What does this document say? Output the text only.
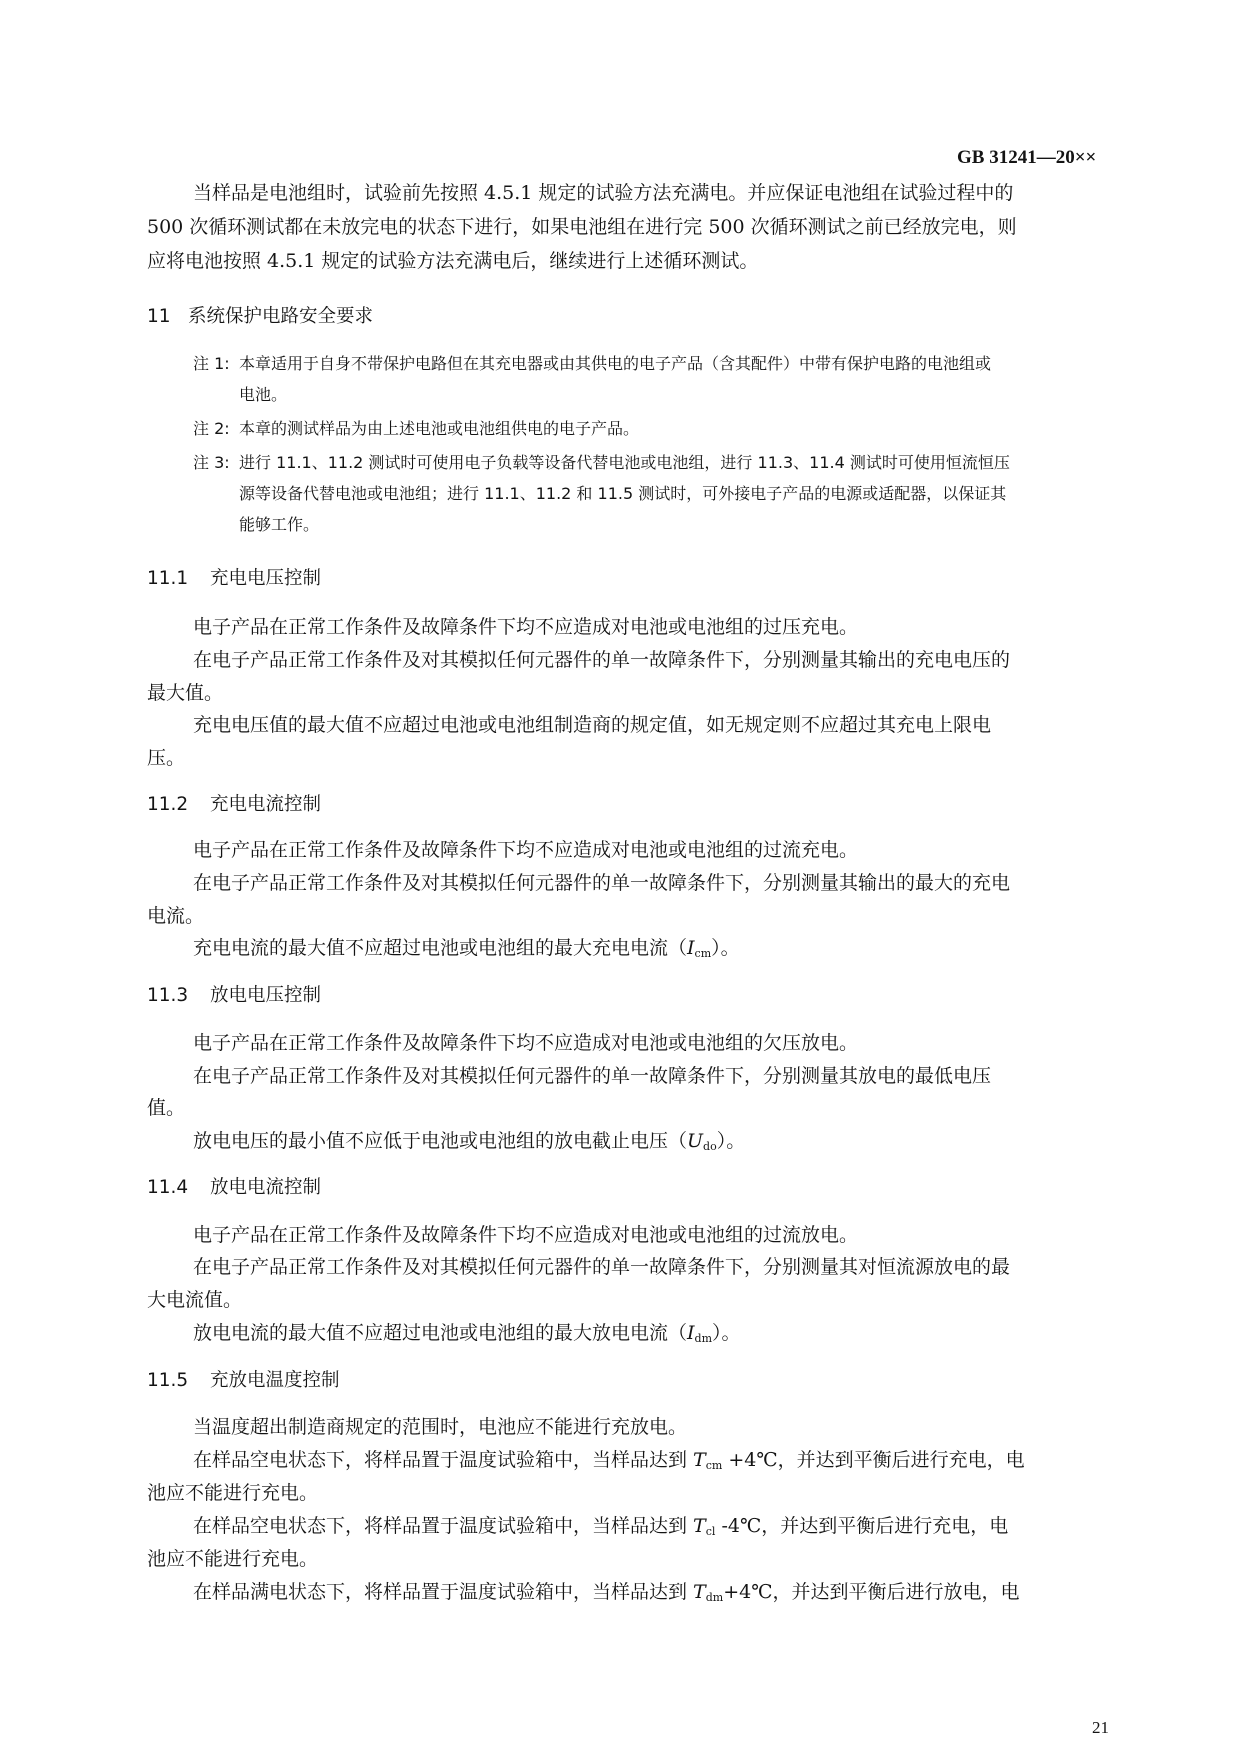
GB 31241—20××
当样品是电池组时，试验前先按照 4.5.1 规定的试验方法充满电。并应保证电池组在试验过程中的
500 次循环测试都在未放完电的状态下进行，如果电池组在进行完 500 次循环测试之前已经放完电，则
应将电池按照 4.5.1 规定的试验方法充满电后，继续进行上述循环测试。
11 系统保护电路安全要求
注 1: 本章适用于自身不带保护电路但在其充电器或由其供电的电子产品（含其配件）中带有保护电路的电池组或
电池。
注 2: 本章的测试样品为由上述电池或电池组供电的电子产品。
注 3: 进行 11.1、11.2 测试时可使用电子负载等设备代替电池或电池组，进行 11.3、11.4 测试时可使用恒流恒压
源等设备代替电池或电池组；进行 11.1、11.2 和 11.5 测试时，可外接电子产品的电源或适配器，以保证其
能够工作。
11.1 充电电压控制
电子产品在正常工作条件及故障条件下均不应造成对电池或电池组的过压充电。
在电子产品正常工作条件及对其模拟任何元器件的单一故障条件下，分别测量其输出的充电电压的
最大值。
充电电压值的最大值不应超过电池或电池组制造商的规定值，如无规定则不应超过其充电上限电
压。
11.2 充电电流控制
电子产品在正常工作条件及故障条件下均不应造成对电池或电池组的过流充电。
在电子产品正常工作条件及对其模拟任何元器件的单一故障条件下，分别测量其输出的最大的充电
电流。
充电电流的最大值不应超过电池或电池组的最大充电电流$(I_{cm})$。
11.3 放电电压控制
电子产品在正常工作条件及故障条件下均不应造成对电池或电池组的欠压放电。
在电子产品正常工作条件及对其模拟任何元器件的单一故障条件下，分别测量其放电的最低电压
值。
放电电压的最小值不应低于电池或电池组的放电截止电压$(U_{do})$。
11.4 放电电流控制
电子产品在正常工作条件及故障条件下均不应造成对电池或电池组的过流放电。
在电子产品正常工作条件及对其模拟任何元器件的单一故障条件下，分别测量其对恒流源放电的最
大电流值。
放电电流的最大值不应超过电池或电池组的最大放电电流$(I_{dm})$。
11.5 充放电温度控制
当温度超出制造商规定的范围时，电池应不能进行充放电。
在样品空电状态下，将样品置于温度试验箱中，当样品达到 $T_{cm}$ +4℃，并达到平衡后进行充电，电
池应不能进行充电。
在样品空电状态下，将样品置于温度试验箱中，当样品达到 $T_{cl}$ -4℃，并达到平衡后进行充电，电
池应不能进行充电。
在样品满电状态下，将样品置于温度试验箱中，当样品达到 $T_{dm}+4℃$，并达到平衡后进行放电，电
21
